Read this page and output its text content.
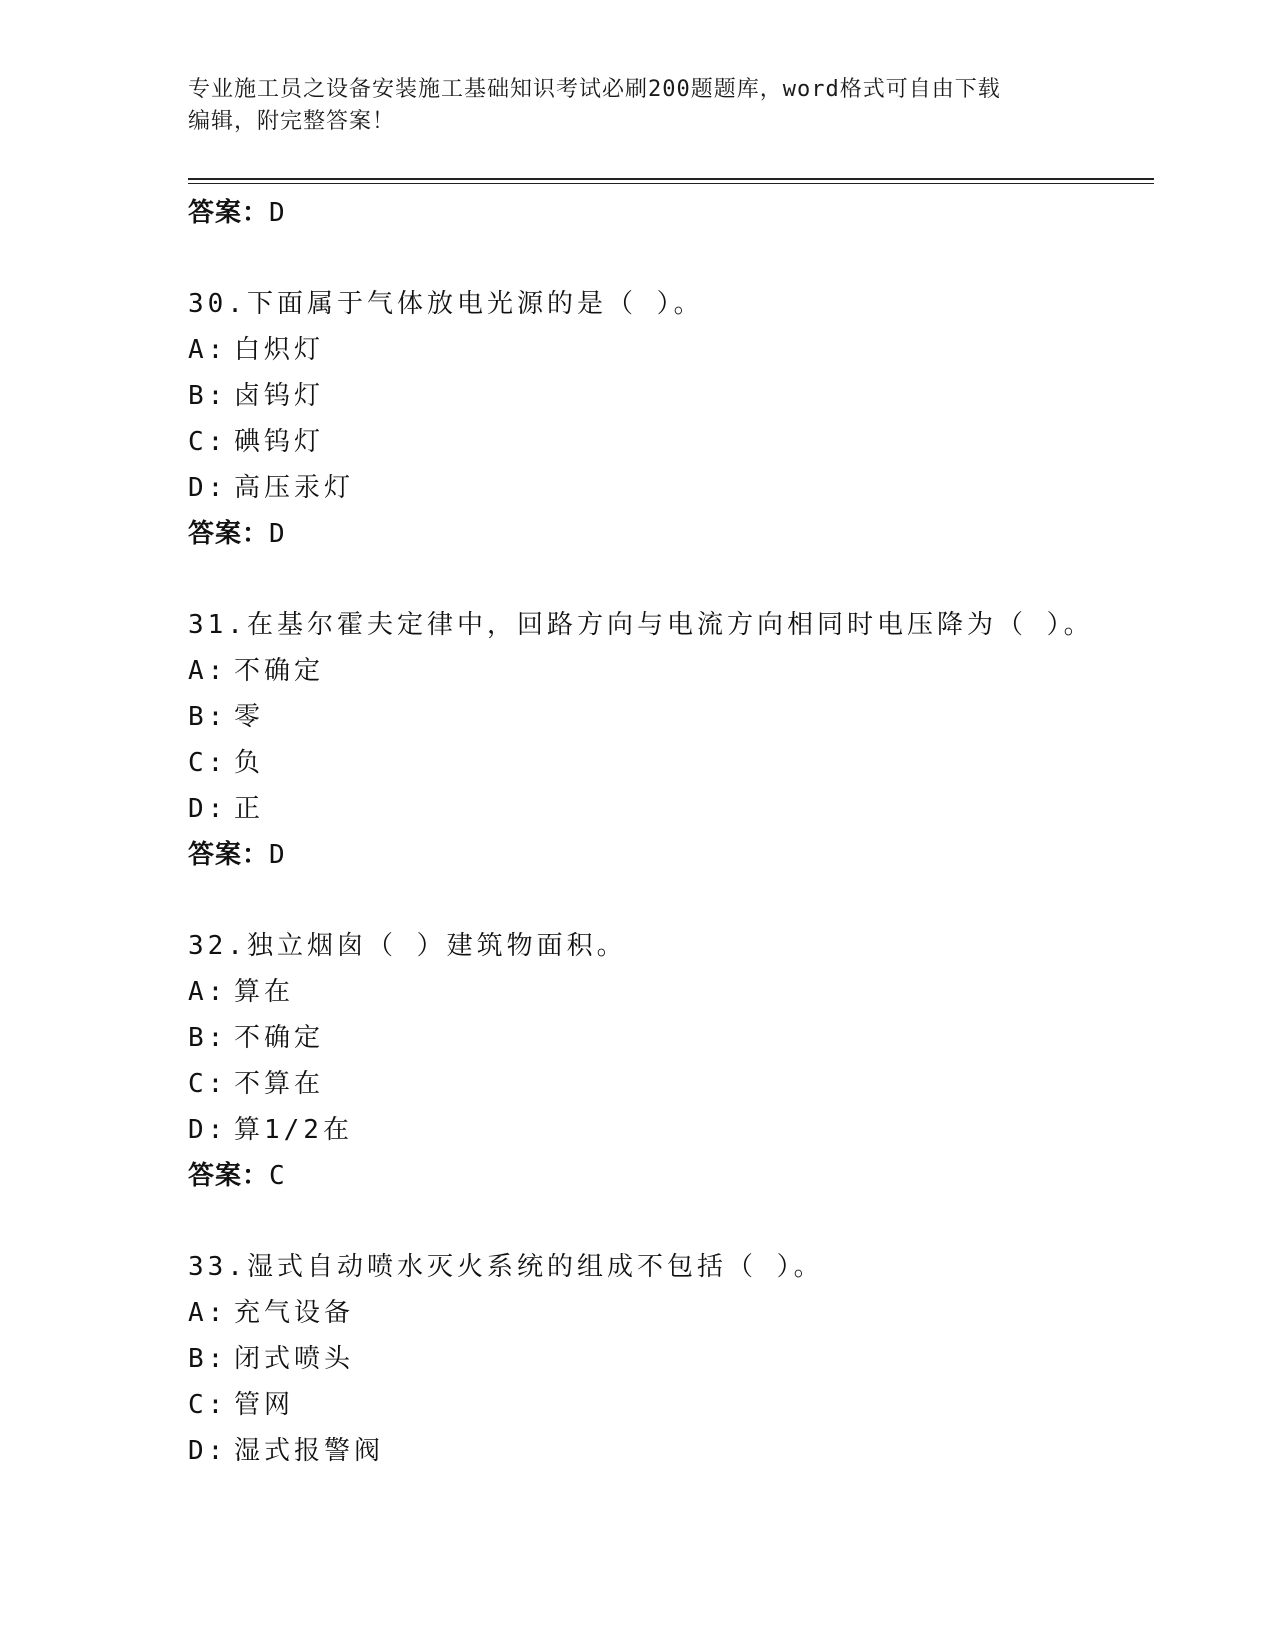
专业施工员之设备安装施工基础知识考试必刷200题题库，word格式可自由下载
编辑，附完整答案！
答案：D
30.下面属于气体放电光源的是（ ）。
A: 白炽灯
B: 卤钨灯
C: 碘钨灯
D: 高压汞灯
答案：D
31.在基尔霍夫定律中，回路方向与电流方向相同时电压降为（ ）。
A: 不确定
B: 零
C: 负
D: 正
答案：D
32.独立烟囱（ ）建筑物面积。
A: 算在
B: 不确定
C: 不算在
D: 算1/2在
答案：C
33.湿式自动喷水灭火系统的组成不包括（ ）。
A: 充气设备
B: 闭式喷头
C: 管网
D: 湿式报警阀
